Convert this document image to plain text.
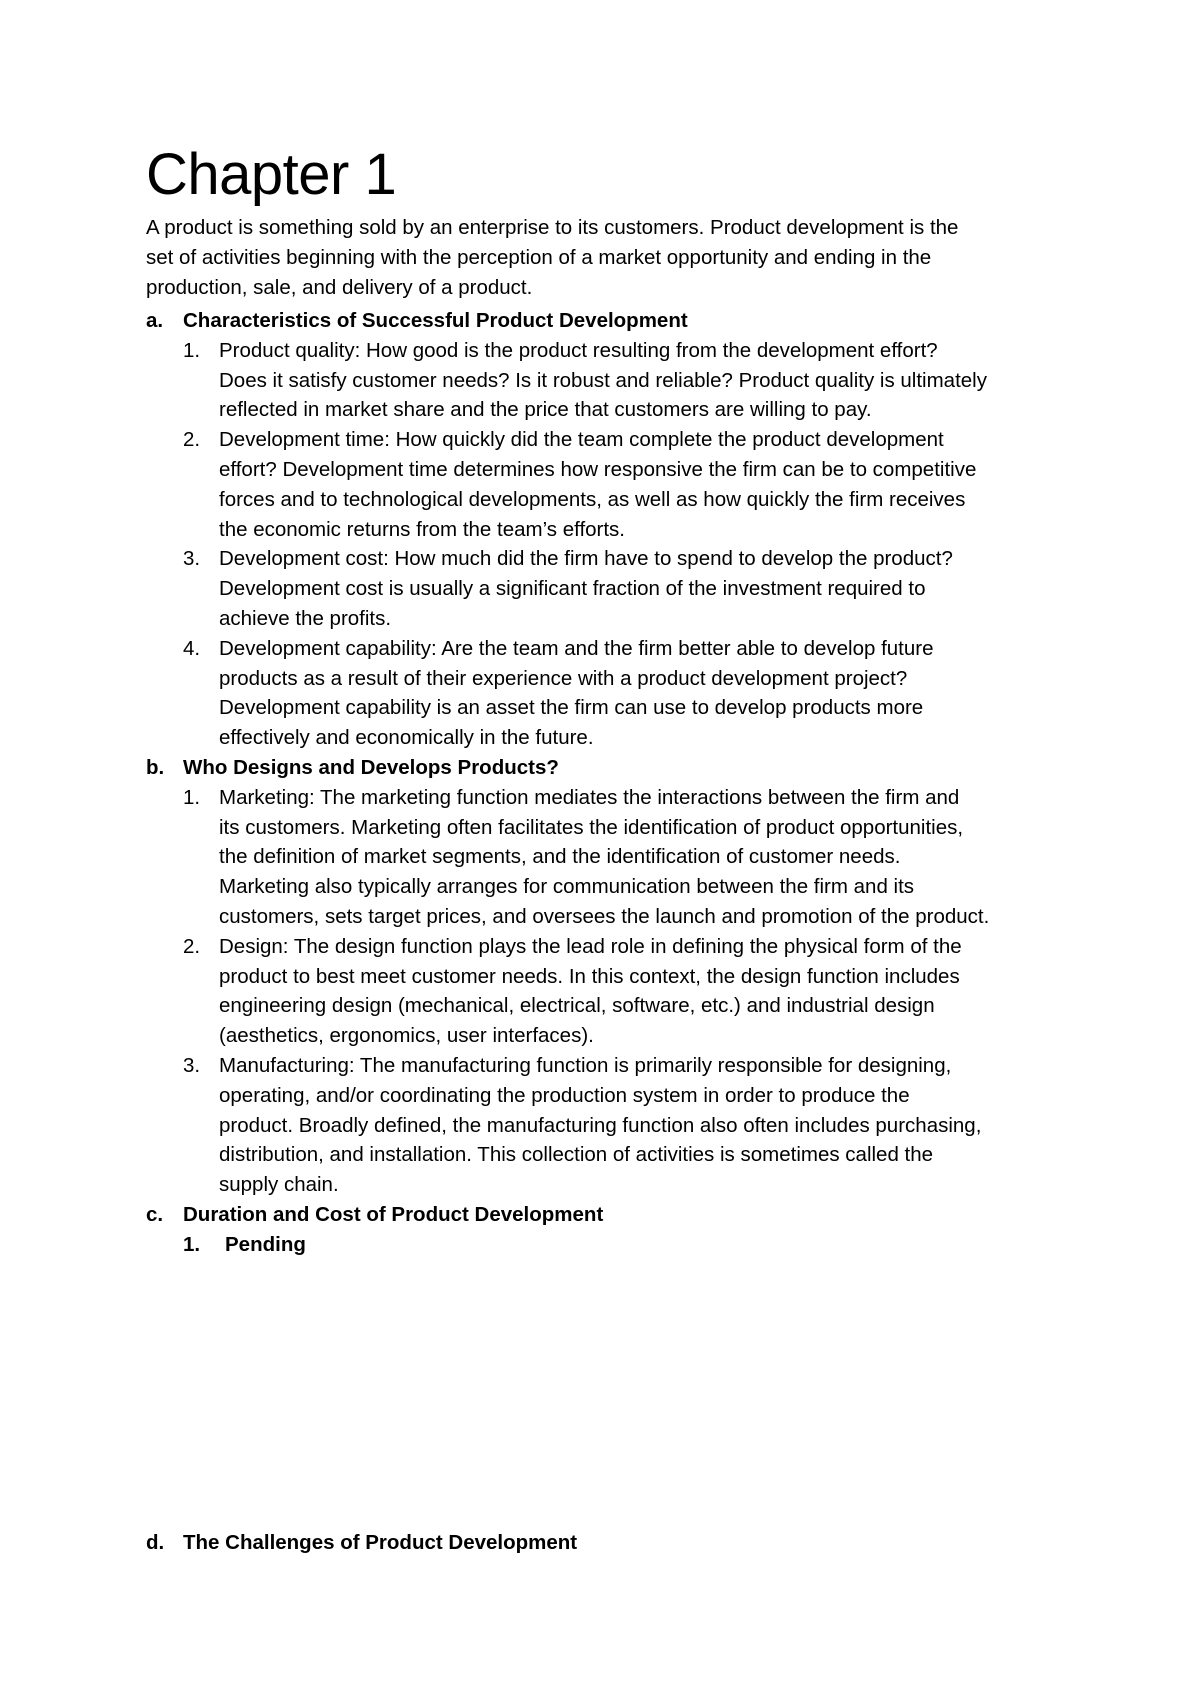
Chapter 1
A product is something sold by an enterprise to its customers. Product development is the
set of activities beginning with the perception of a market opportunity and ending in the
production, sale, and delivery of a product.
a. Characteristics of Successful Product Development
1. Product quality: How good is the product resulting from the development effort?
Does it satisfy customer needs? Is it robust and reliable? Product quality is ultimately
reflected in market share and the price that customers are willing to pay.
2. Development time: How quickly did the team complete the product development
effort? Development time determines how responsive the firm can be to competitive
forces and to technological developments, as well as how quickly the firm receives
the economic returns from the team’s efforts.
3. Development cost: How much did the firm have to spend to develop the product?
Development cost is usually a significant fraction of the investment required to
achieve the profits.
4. Development capability: Are the team and the firm better able to develop future
products as a result of their experience with a product development project?
Development capability is an asset the firm can use to develop products more
effectively and economically in the future.
b. Who Designs and Develops Products?
1. Marketing: The marketing function mediates the interactions between the firm and
its customers. Marketing often facilitates the identification of product opportunities,
the definition of market segments, and the identification of customer needs.
Marketing also typically arranges for communication between the firm and its
customers, sets target prices, and oversees the launch and promotion of the product.
2. Design: The design function plays the lead role in defining the physical form of the
product to best meet customer needs. In this context, the design function includes
engineering design (mechanical, electrical, software, etc.) and industrial design
(aesthetics, ergonomics, user interfaces).
3. Manufacturing: The manufacturing function is primarily responsible for designing,
operating, and/or coordinating the production system in order to produce the
product. Broadly defined, the manufacturing function also often includes purchasing,
distribution, and installation. This collection of activities is sometimes called the
supply chain.
c. Duration and Cost of Product Development
1. Pending
d. The Challenges of Product Development
